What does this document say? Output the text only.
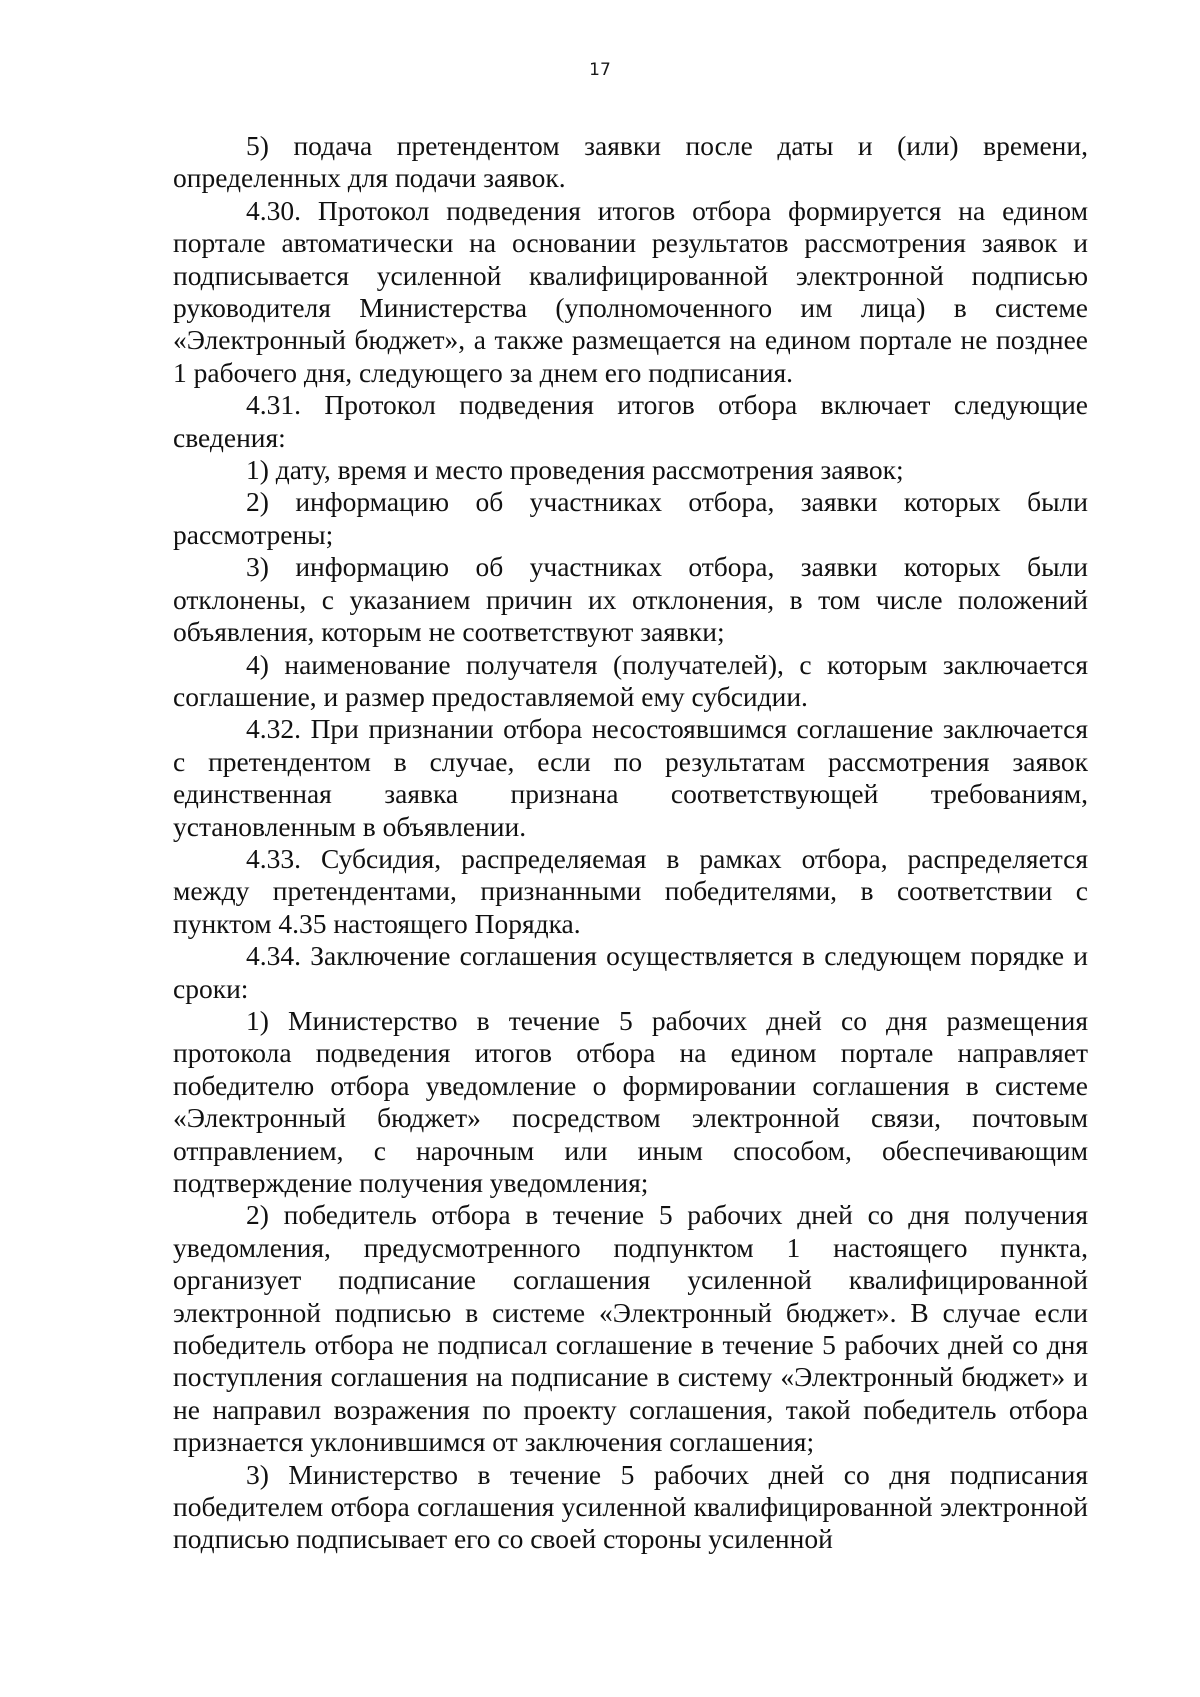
17

5) подача претендентом заявки после даты и (или) времени, определенных для подачи заявок.

4.30. Протокол подведения итогов отбора формируется на едином портале автоматически на основании результатов рассмотрения заявок и подписывается усиленной квалифицированной электронной подписью руководителя Министерства (уполномоченного им лица) в системе «Электронный бюджет», а также размещается на едином портале не позднее 1 рабочего дня, следующего за днем его подписания.

4.31. Протокол подведения итогов отбора включает следующие сведения:

1) дату, время и место проведения рассмотрения заявок;

2) информацию об участниках отбора, заявки которых были рассмотрены;

3) информацию об участниках отбора, заявки которых были отклонены, с указанием причин их отклонения, в том числе положений объявления, которым не соответствуют заявки;

4) наименование получателя (получателей), с которым заключается соглашение, и размер предоставляемой ему субсидии.

4.32. При признании отбора несостоявшимся соглашение заключается с претендентом в случае, если по результатам рассмотрения заявок единственная заявка признана соответствующей требованиям, установленным в объявлении.

4.33. Субсидия, распределяемая в рамках отбора, распределяется между претендентами, признанными победителями, в соответствии с пунктом 4.35 настоящего Порядка.

4.34. Заключение соглашения осуществляется в следующем порядке и сроки:

1) Министерство в течение 5 рабочих дней со дня размещения протокола подведения итогов отбора на едином портале направляет победителю отбора уведомление о формировании соглашения в системе «Электронный бюджет» посредством электронной связи, почтовым отправлением, с нарочным или иным способом, обеспечивающим подтверждение получения уведомления;

2) победитель отбора в течение 5 рабочих дней со дня получения уведомления, предусмотренного подпунктом 1 настоящего пункта, организует подписание соглашения усиленной квалифицированной электронной подписью в системе «Электронный бюджет». В случае если победитель отбора не подписал соглашение в течение 5 рабочих дней со дня поступления соглашения на подписание в систему «Электронный бюджет» и не направил возражения по проекту соглашения, такой победитель отбора признается уклонившимся от заключения соглашения;

3) Министерство в течение 5 рабочих дней со дня подписания победителем отбора соглашения усиленной квалифицированной электронной подписью подписывает его со своей стороны усиленной
